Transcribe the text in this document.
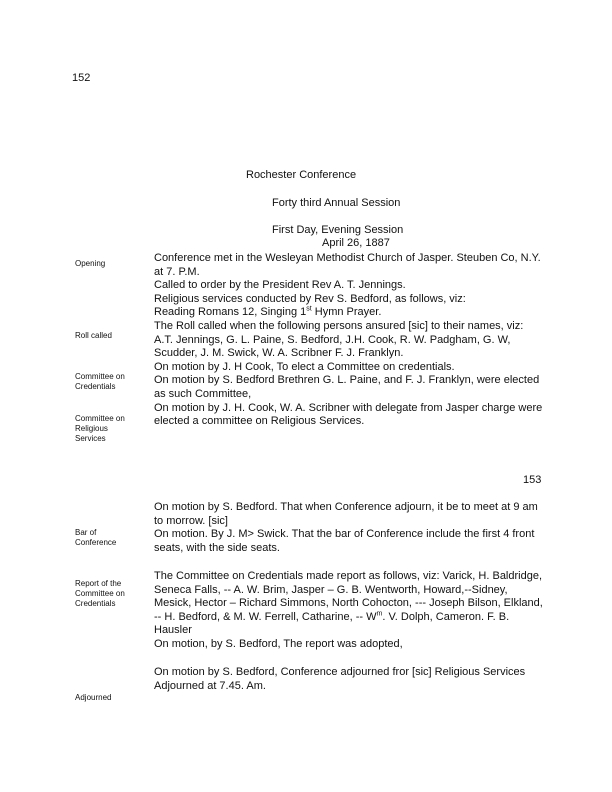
152
Rochester Conference
Forty third Annual Session
First Day, Evening Session
April 26, 1887
Opening
Roll called
Committee on Credentials
Committee on Religious Services

Conference met in the Wesleyan Methodist Church of Jasper. Steuben Co, N.Y. at 7. P.M.

Called to order by the President Rev A. T. Jennings.

Religious services conducted by Rev S. Bedford, as follows, viz:

Reading Romans 12, Singing 1st Hymn Prayer.

The Roll called when the following persons ansured [sic] to their names, viz:

A.T. Jennings, G. L. Paine, S. Bedford, J.H. Cook, R. W. Padgham, G. W, Scudder, J. M. Swick, W. A. Scribner F. J. Franklyn.

On motion by J. H Cook, To elect a Committee on credentials.

On motion by S. Bedford Brethren G. L. Paine, and F. J. Franklyn, were elected as such Committee,

On motion by J. H. Cook, W. A. Scribner with delegate from Jasper charge were elected a committee on Religious Services.

153
Bar of Conference
Report of the Committee on Credentials
Adjourned

On motion by S. Bedford. That when Conference adjourn, it be to meet at 9 am to morrow. [sic]

On motion. By J. M> Swick. That the bar of Conference include the first 4 front seats, with the side seats.

The Committee on Credentials made report as follows, viz: Varick, H. Baldridge, Seneca Falls, -- A. W. Brim, Jasper – G. B. Wentworth, Howard,--Sidney, Mesick, Hector – Richard Simmons, North Cohocton, --- Joseph Bilson, Elkland, -- H. Bedford, & M. W. Ferrell, Catharine, -- $W^m$. V. Dolph, Cameron. F. B. Hausler

On motion, by S. Bedford, The report was adopted,

On motion by S. Bedford, Conference adjourned fror [sic] Religious Services

Adjourned at 7.45. Am.
